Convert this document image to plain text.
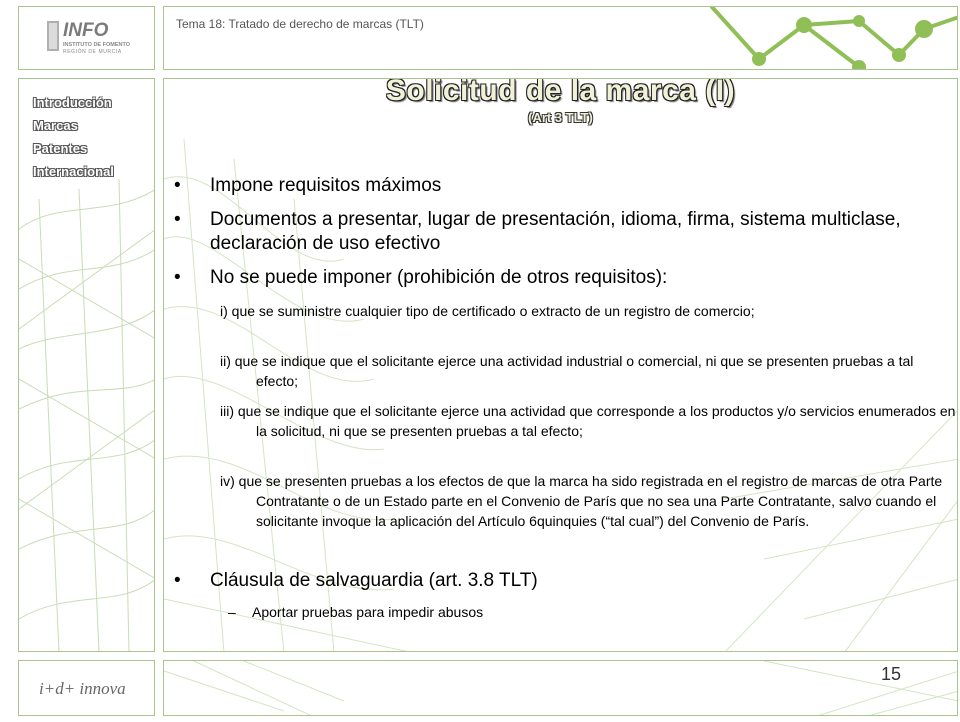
INFO
INSTITUTO DE FOMENTO
REGIÓN DE MURCIA
Tema 18: Tratado de derecho de marcas (TLT)
Introducción
Marcas
Patentes
Internacional
Solicitud de la marca (I)
(Art 3 TLT)
• Impone requisitos máximos
• Documentos a presentar, lugar de presentación, idioma, firma, sistema multiclase, declaración de uso efectivo
• No se puede imponer (prohibición de otros requisitos):
i) que se suministre cualquier tipo de certificado o extracto de un registro de comercio;
ii) que se indique que el solicitante ejerce una actividad industrial o comercial, ni que se presenten pruebas a tal efecto;
iii) que se indique que el solicitante ejerce una actividad que corresponde a los productos y/o servicios enumerados en la solicitud, ni que se presenten pruebas a tal efecto;
iv) que se presenten pruebas a los efectos de que la marca ha sido registrada en el registro de marcas de otra Parte Contratante o de un Estado parte en el Convenio de París que no sea una Parte Contratante, salvo cuando el solicitante invoque la aplicación del Artículo 6quinquies (“tal cual”) del Convenio de París.
• Cláusula de salvaguardia (art. 3.8 TLT)
– Aportar pruebas para impedir abusos
i+d+ innova
15
